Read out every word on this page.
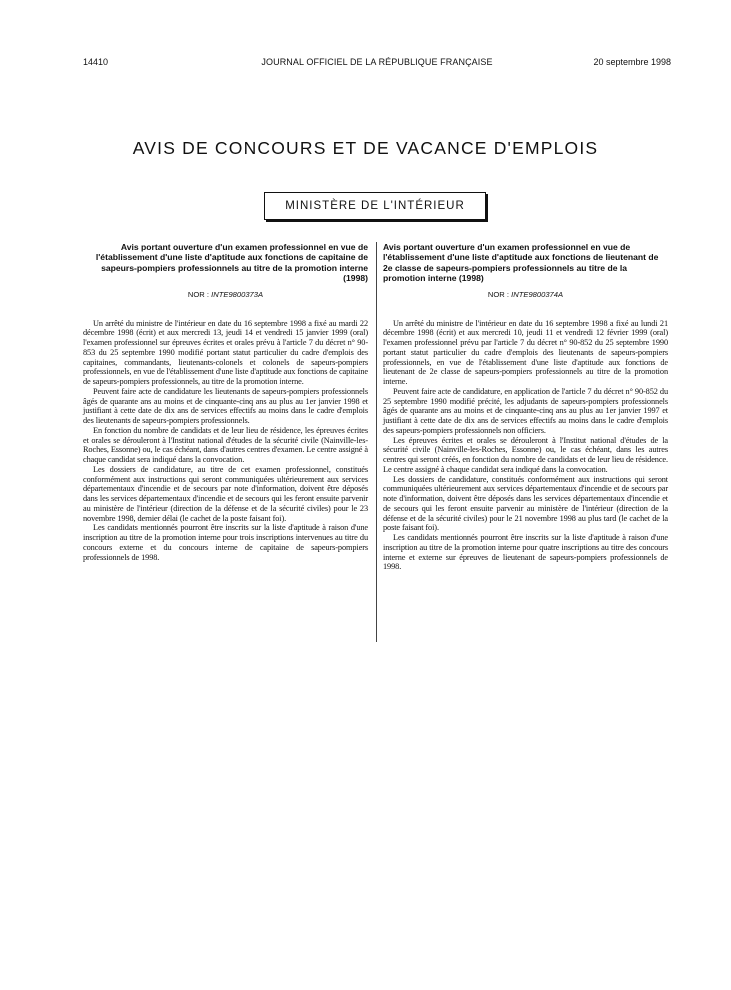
14410	JOURNAL OFFICIEL DE LA RÉPUBLIQUE FRANÇAISE	20 septembre 1998
AVIS DE CONCOURS ET DE VACANCE D'EMPLOIS
MINISTÈRE DE L'INTÉRIEUR

Avis portant ouverture d'un examen professionnel en vue de l'établissement d'une liste d'aptitude aux fonctions de capitaine de sapeurs-pompiers professionnels au titre de la promotion interne (1998)

NOR : INTE9800373A

Un arrêté du ministre de l'intérieur en date du 16 septembre 1998 a fixé au mardi 22 décembre 1998 (écrit) et aux mercredi 13, jeudi 14 et vendredi 15 janvier 1999 (oral) l'examen professionnel sur épreuves écrites et orales prévu à l'article 7 du décret n° 90-853 du 25 septembre 1990 modifié portant statut particulier du cadre d'emplois des capitaines, commandants, lieutenants-colonels et colonels de sapeurs-pompiers professionnels, en vue de l'établissement d'une liste d'aptitude aux fonctions de capitaine de sapeurs-pompiers professionnels, au titre de la promotion interne.

Peuvent faire acte de candidature les lieutenants de sapeurs-pompiers professionnels âgés de quarante ans au moins et de cinquante-cinq ans au plus au 1er janvier 1998 et justifiant à cette date de dix ans de services effectifs au moins dans le cadre d'emplois des lieutenants de sapeurs-pompiers professionnels.

En fonction du nombre de candidats et de leur lieu de résidence, les épreuves écrites et orales se dérouleront à l'Institut national d'études de la sécurité civile (Nainville-les-Roches, Essonne) ou, le cas échéant, dans d'autres centres d'examen. Le centre assigné à chaque candidat sera indiqué dans la convocation.

Les dossiers de candidature, au titre de cet examen professionnel, constitués conformément aux instructions qui seront communiquées ultérieurement aux services départementaux d'incendie et de secours par note d'information, doivent être déposés dans les services départementaux d'incendie et de secours qui les feront ensuite parvenir au ministère de l'intérieur (direction de la défense et de la sécurité civiles) pour le 23 novembre 1998, dernier délai (le cachet de la poste faisant foi).

Les candidats mentionnés pourront être inscrits sur la liste d'aptitude à raison d'une inscription au titre de la promotion interne pour trois inscriptions intervenues au titre du concours externe et du concours interne de capitaine de sapeurs-pompiers professionnels de 1998.

Avis portant ouverture d'un examen professionnel en vue de l'établissement d'une liste d'aptitude aux fonctions de lieutenant de 2e classe de sapeurs-pompiers professionnels au titre de la promotion interne (1998)

NOR : INTE9800374A

Un arrêté du ministre de l'intérieur en date du 16 septembre 1998 a fixé au lundi 21 décembre 1998 (écrit) et aux mercredi 10, jeudi 11 et vendredi 12 février 1999 (oral) l'examen professionnel prévu par l'article 7 du décret n° 90-852 du 25 septembre 1990 portant statut particulier du cadre d'emplois des lieutenants de sapeurs-pompiers professionnels, en vue de l'établissement d'une liste d'aptitude aux fonctions de lieutenant de 2e classe de sapeurs-pompiers professionnels au titre de la promotion interne.

Peuvent faire acte de candidature, en application de l'article 7 du décret n° 90-852 du 25 septembre 1990 modifié précité, les adjudants de sapeurs-pompiers professionnels âgés de quarante ans au moins et de cinquante-cinq ans au plus au 1er janvier 1997 et justifiant à cette date de dix ans de services effectifs au moins dans le cadre d'emplois des sapeurs-pompiers professionnels non officiers.

Les épreuves écrites et orales se dérouleront à l'Institut national d'études de la sécurité civile (Nainville-les-Roches, Essonne) ou, le cas échéant, dans les autres centres qui seront créés, en fonction du nombre de candidats et de leur lieu de résidence. Le centre assigné à chaque candidat sera indiqué dans la convocation.

Les dossiers de candidature, constitués conformément aux instructions qui seront communiquées ultérieurement aux services départementaux d'incendie et de secours par note d'information, doivent être déposés dans les services départementaux d'incendie et de secours qui les feront ensuite parvenir au ministère de l'intérieur (direction de la défense et de la sécurité civiles) pour le 21 novembre 1998 au plus tard (le cachet de la poste faisant foi).

Les candidats mentionnés pourront être inscrits sur la liste d'aptitude à raison d'une inscription au titre de la promotion interne pour quatre inscriptions au titre des concours interne et externe sur épreuves de lieutenant de sapeurs-pompiers professionnels de 1998.
